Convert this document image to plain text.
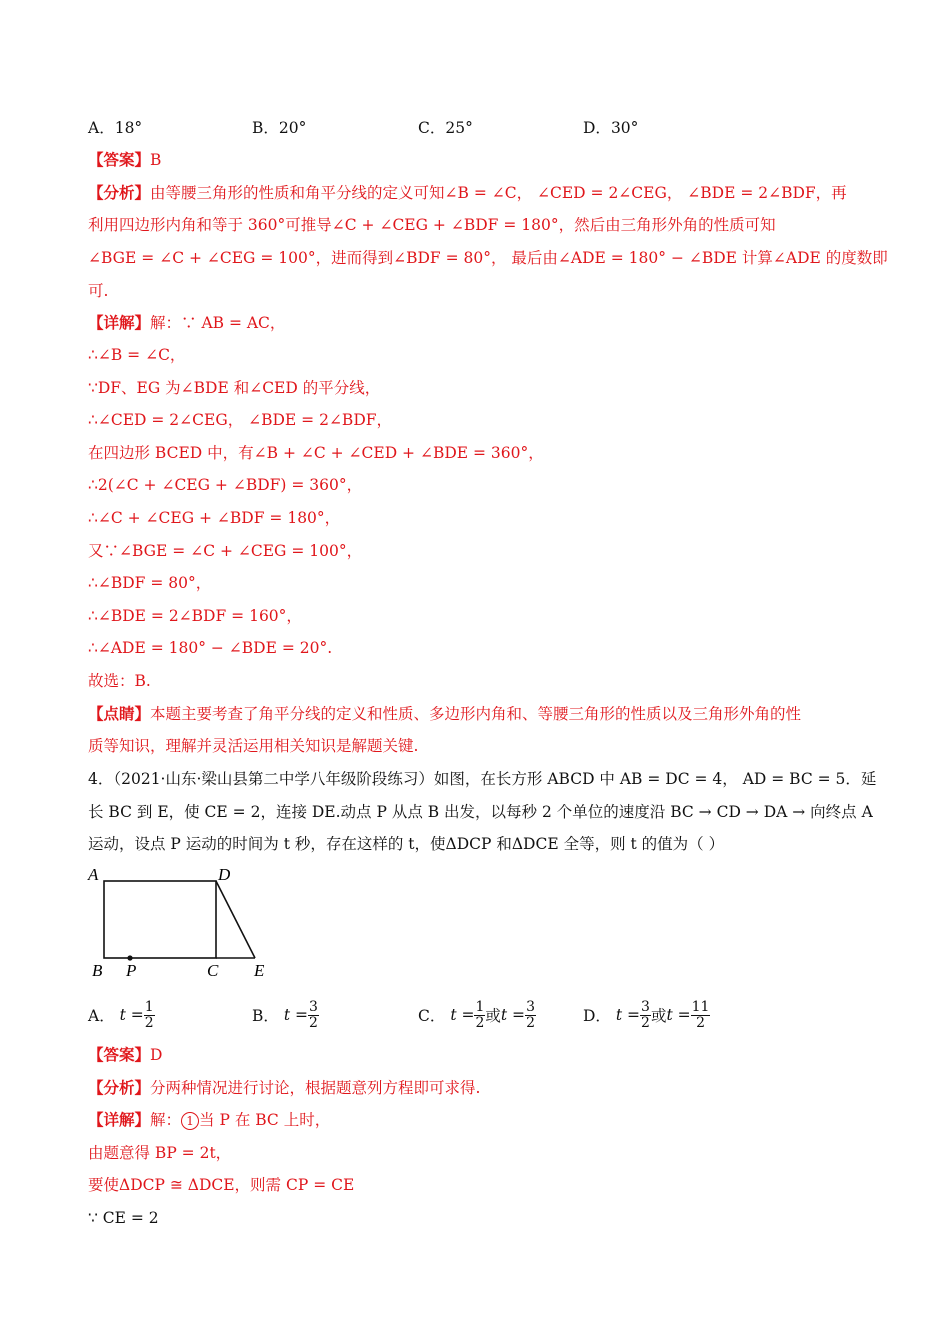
A．18°	B．20°	C．25°	D．30°
【答案】B
【分析】由等腰三角形的性质和角平分线的定义可知∠B = ∠C， ∠CED = 2∠CEG， ∠BDE = 2∠BDF，再
利用四边形内角和等于 360°可推导∠C + ∠CEG + ∠BDF = 180°，然后由三角形外角的性质可知
∠BGE = ∠C + ∠CEG = 100°，进而得到∠BDF = 80°， 最后由∠ADE = 180° − ∠BDE 计算∠ADE 的度数即
可.
【详解】解：∵ AB = AC，
∴∠B = ∠C，
∵DF、EG 为∠BDE 和∠CED 的平分线，
∴∠CED = 2∠CEG， ∠BDE = 2∠BDF，
在四边形 BCED 中，有∠B + ∠C + ∠CED + ∠BDE = 360°，
∴2(∠C + ∠CEG + ∠BDF) = 360°，
∴∠C + ∠CEG + ∠BDF = 180°，
又∵∠BGE = ∠C + ∠CEG = 100°，
∴∠BDF = 80°，
∴∠BDE = 2∠BDF = 160°，
∴∠ADE = 180° − ∠BDE = 20°.
故选：B.
【点睛】本题主要考查了角平分线的定义和性质、多边形内角和、等腰三角形的性质以及三角形外角的性
质等知识，理解并灵活运用相关知识是解题关键.
4．（2021·山东·梁山县第二中学八年级阶段练习）如图，在长方形 ABCD 中 AB = DC = 4， AD = BC = 5．延
长 BC 到 E，使 CE = 2，连接 DE.动点 P 从点 B 出发，以每秒 2 个单位的速度沿 BC → CD → DA → 向终点 A
运动，设点 P 运动的时间为 t 秒，存在这样的 t，使ΔDCP 和ΔDCE 全等，则 t 的值为（ ）
A	D
B P	C E
A．
$t = \frac{1}{2}$	B．
$t = \frac{3}{2}$	C．
$t = \frac{1}{2}$ 或 $t = \frac{3}{2}$	D．
$t = \frac{3}{2}$ 或 $t = \frac{11}{2}$
【答案】D
【分析】分两种情况进行讨论，根据题意列方程即可求得.
【详解】解： 1 当 P 在 BC 上时，
由题意得 BP = 2t，
要使ΔDCP ≅ ΔDCE，则需 CP = CE
∵ CE = 2
